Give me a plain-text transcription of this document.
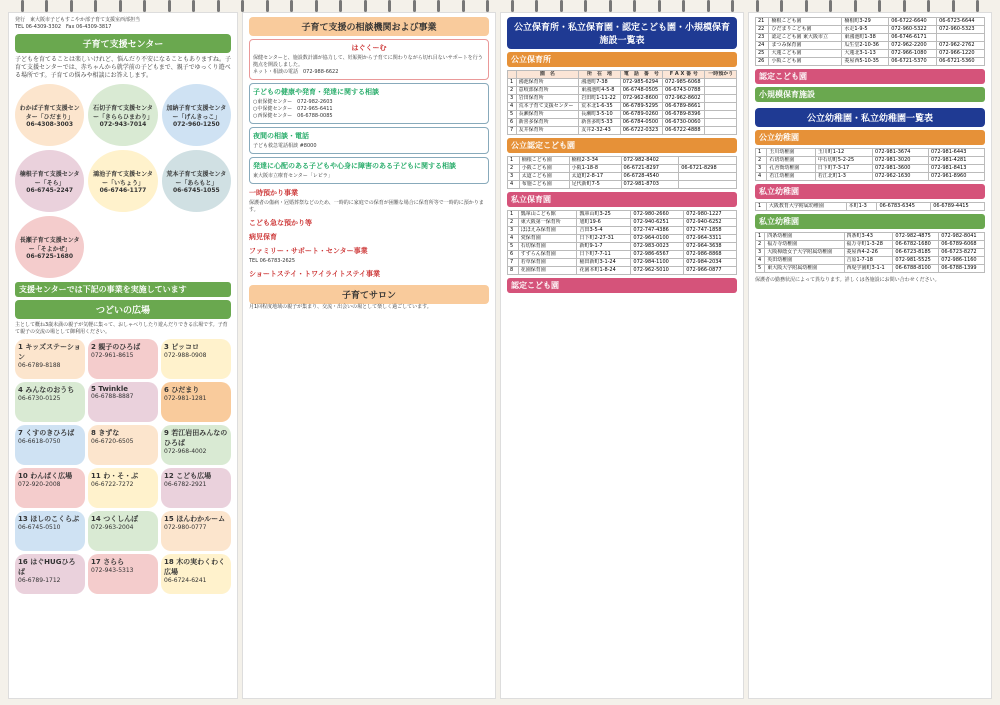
発行　東大阪市子どもすこやか部子育て支援室西部担当
TEL 06-4309-3302　Fax 06-4309-3817
子育て支援センター
子どもを育てることは楽しいけれど、悩んだり不安になることもありますね。子育て支援センターでは、赤ちゃんから就学前の子どもまで、親子でゆっくり遊べる場所です。子育ての悩みや相談にお答えします。
わかば子育て支援センター「ひだまり」
06-4308-3003
石切子育て支援センター「きららひまわり」
072-943-7014
加納子育て支援センター「げんきっこ」
072-960-1250
楠根子育て支援センター「そら」
06-6745-2247
鴻池子育て支援センター「いちょう」
06-6746-1177
荒本子育て支援センター「あらもと」
06-6745-1055
長瀬子育て支援センター「そよかぜ」
06-6725-1680
支援センターでは下記の事業を実施しています
つどいの広場
主として概ね3歳未満の親子が気軽に集って、おしゃべりしたり遊んだりできる広場です。子育て親子の交流の場として御利用ください。
1 キッズステーション
06-6789-8188
2 親子のひろば
072-961-8615
3 ピッコロ
072-988-0908
4 みんなのおうち
06-6730-0125
5 Twinkle
06-6788-8887
6 ひだまり
072-981-1281
7 くすのきひろば
06-6618-0750
8 きずな
06-6720-6505
9 若江岩田みんなのひろば
072-968-4002
10 わんぱく広場
072-920-2008
11 わ・そ・ぶ
06-6722-7272
12 こども広場
06-6782-2921
13 ほしのこくらぶ
06-6745-0510
14 つくしんぼ
072-963-2004
15 ほんわかルーム
072-980-0777
16 はぐHUGひろば
06-6789-1712
17 さらら
072-943-5313
18 木の実わくわく広場
06-6724-6241
子育て支援の相談機関および事業
はぐくーむ
保健センターと、施設数計課が協力して、妊娠期から子育てに関わりながら切れ目ないサポートを行う拠点を開設しました。
ネット・相談の電話　072-988-6622
子どもの健康や発育・発達に関する相談
○東保健センター　072-982-2603
○中保健センター　072-965-6411
○西保健センター　06-6788-0085
夜間の相談・電話
子ども救急電話相談 #8000
発達に心配のある子どもや心身に障害のある子どもに関する相談
東大阪市立療育センター「レピラ」
一時預かり事業
保護者の傷病・冠婚葬祭などのため、一時的に家庭での保育が困難な場合に保育所等で一時的に預かります。
こども急な預かり等
病児保育
ファミリー・サポート・センター事業
TEL 06-6783-2625
ショートステイ・トワイライトステイ事業
子育てサロン
月1回程度地域の親子が集まり、交流・出会いの場として楽しく過ごしています。
公立保育所・私立保育園・認定こども園・小規模保育施設一覧表
公立保育所
	園　名	所　在　地	電　話　番　号	F A X 番 号	一時預かり
1	鴻池保育所	鴻池町7-38	072-985-6294	072-985-6068	
2	意岐部保育所	東鴻池町4-5-8	06-6748-0505	06-6743-0788	
3	岩田保育所	岩田町1-11-22	072-962-8600	072-962-8602	
4	荒本子育て支援センター	荒本北1-6-35	06-6789-5295	06-6789-8661	
5	長瀬保育所	長瀬町3-5-10	06-6789-0260	06-6789-8396	
6	新喜多保育所	新喜多町5-33	06-6784-0500	06-6730-0060	
7	友井保育所	友井2-32-43	06-6722-0323	06-6722-4888	
公立認定こども園
1	楠根こども園	楠根2-3-34	072-982-8402	
2	小阪こども園	小阪1-18-8	06-6721-8297	06-6721-8298
3	太道こども園	太道町2-8-17	06-6728-4540	
4	布施こども園	足代新町7-5	072-981-8703	
私立保育園
1	瓢箪山こども館	瓢箪山町3-25	072-980-2660	072-980-1227
2	東大阪第一保育所	旭町19-6	072-940-6251	072-940-6252
3	ほほえみ保育園	吉田3-5-4	072-747-4386	072-747-1858
4	愛保育園	日下町2-27-31	072-964-0100	072-964-3311
5	石切保育園	新町9-1-7	072-983-0023	072-964-3638
6	すずらん保育園	日下町7-7-11	072-986-6567	072-986-8868
7	若草保育園	稲田新町3-1-24	072-984-1100	072-984-2034
8	花園保育園	花園本町1-8-24	072-962-5010	072-966-0877
認定こども園
21	楠根こども園	楠根町3-29	06-6722-6640	06-6723-6644
22	ひだまりこども園	水走1-9-5	072-960-5322	072-960-5323
23	認定こども園 東大阪市立	東鴻池町1-38	06-6746-6171	
24	まつみ保育園	瓜生堂2-10-36	072-962-2200	072-962-2762
25	大蓮こども園	大蓮北3-1-13	072-966-1080	072-966-1220
26	小阪こども園	菱屋西5-10-35	06-6721-5370	06-6721-5360
認定こども園
小規模保育施設
公立幼稚園・私立幼稚園一覧表
公立幼稚園
1	玉川幼稚園	玉川町1-12	072-981-3674	072-981-6443
2	石切幼稚園	中石切町5-2-25	072-981-3020	072-981-4281
3	孔舎衙幼稚園	日下町7-3-17	072-981-3600	072-981-8413
4	若江幼稚園	若江北町1-3	072-962-1630	072-961-8960
私立幼稚園
1	大阪教育大学附属幼稚園	本町1-3	06-6783-6345	06-6789-4415
私立幼稚園
1	四条幼稚園	四条町3-43	072-982-4875	072-982-8041
2	福万寺幼稚園	福万寺町1-3-28	06-6782-1680	06-6789-6068
3	大阪樟蔭女子大学附属幼稚園	菱屋西4-2-26	06-6723-8185	06-6723-8272
4	英田幼稚園	吉原1-7-18	072-981-5525	072-986-1160
5	東大阪大学附属幼稚園	西堤学園町3-1-1	06-6788-8100	06-6788-1399
保護者の勤務状況によって異なります。詳しくは各施設にお問い合わせください。
